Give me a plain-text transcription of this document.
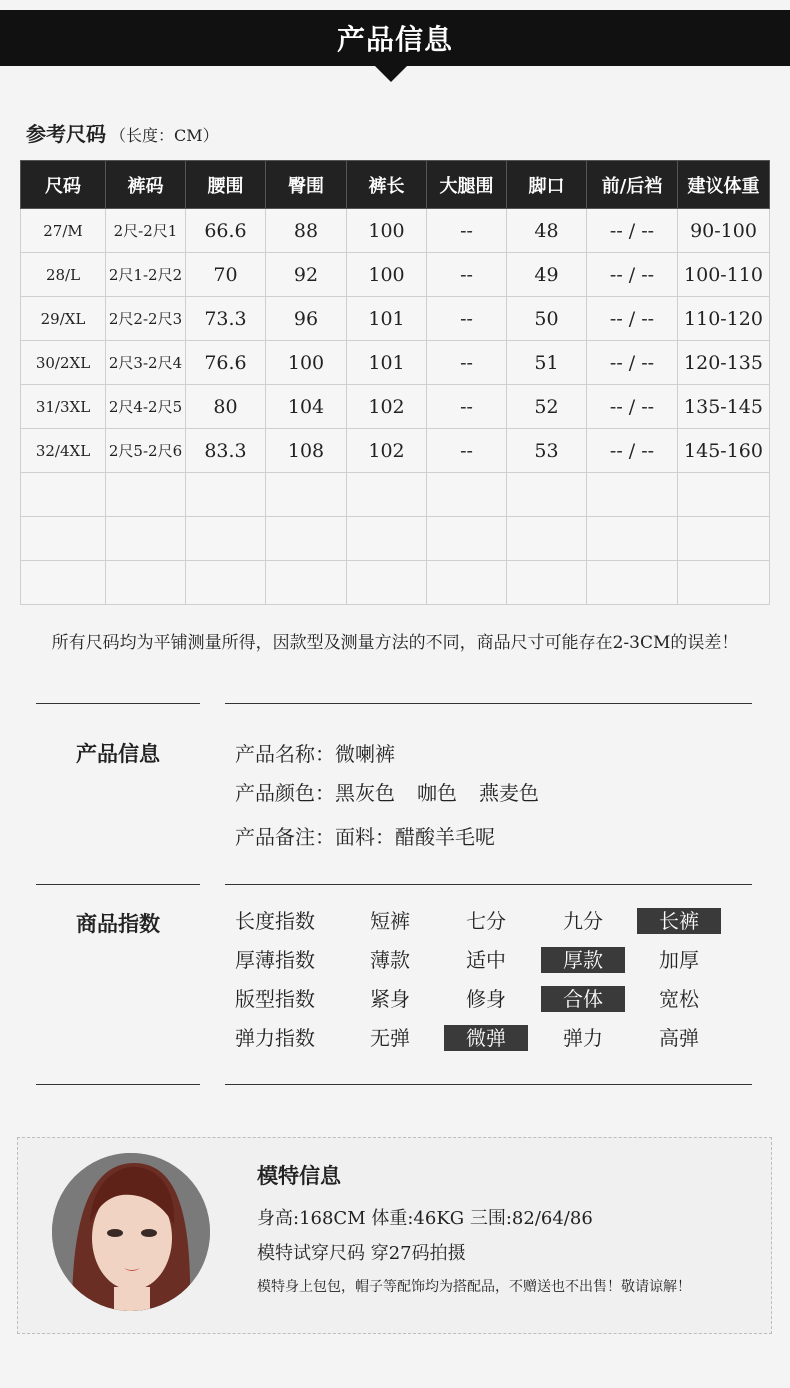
产品信息
参考尺码 （长度：CM）
尺码	裤码	腰围	臀围	裤长	大腿围	脚口	前/后裆	建议体重
27/M	2尺-2尺1	66.6	88	100	--	48	-- / --	90-100
28/L	2尺1-2尺2	70	92	100	--	49	-- / --	100-110
29/XL	2尺2-2尺3	73.3	96	101	--	50	-- / --	110-120
30/2XL	2尺3-2尺4	76.6	100	101	--	51	-- / --	120-135
31/3XL	2尺4-2尺5	80	104	102	--	52	-- / --	135-145
32/4XL	2尺5-2尺6	83.3	108	102	--	53	-- / --	145-160

所有尺码均为平铺测量所得，因款型及测量方法的不同，商品尺寸可能存在2-3CM的误差！
产品信息	产品名称：微喇裤
产品颜色：黑灰色 咖色 燕麦色
产品备注：面料：醋酸羊毛呢
商品指数	长度指数	短裤	七分	九分	长裤
厚薄指数	薄款	适中	厚款	加厚
版型指数	紧身	修身	合体	宽松
弹力指数	无弹	微弹	弹力	高弹
模特信息
身高:168CM 体重:46KG 三围:82/64/86
模特试穿尺码 穿27码拍摄
模特身上包包，帽子等配饰均为搭配品，不赠送也不出售！敬请谅解！
